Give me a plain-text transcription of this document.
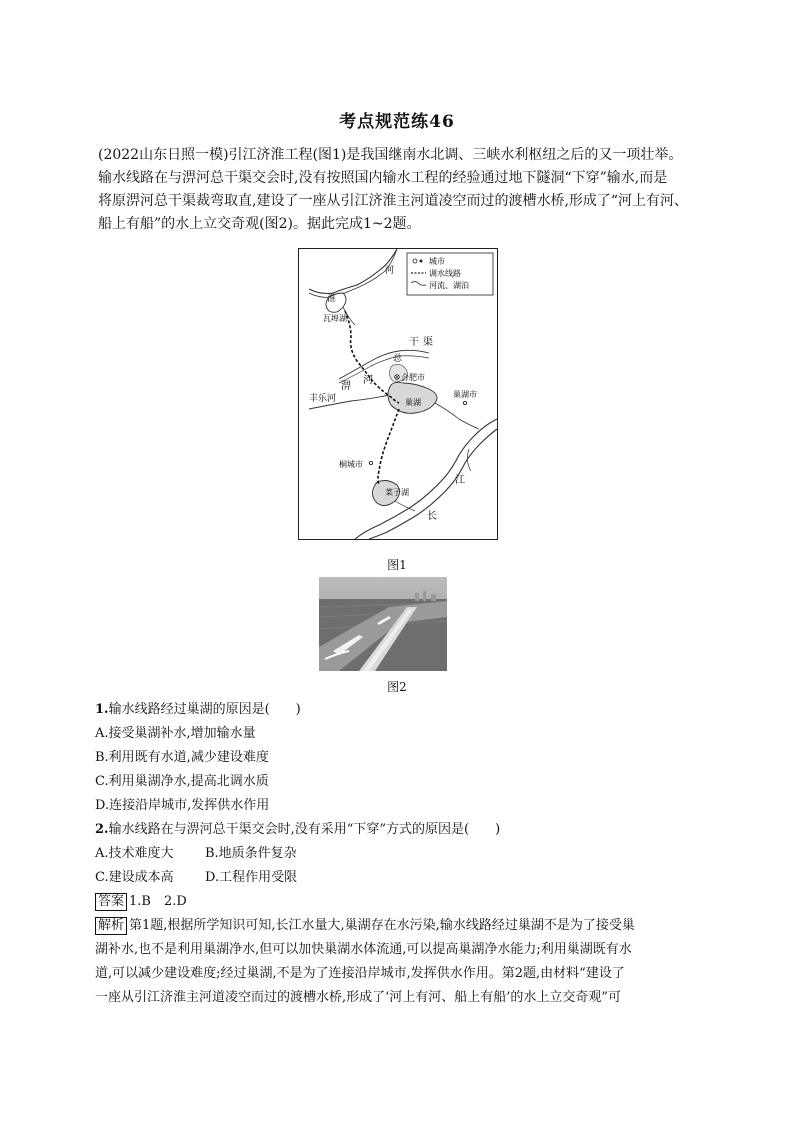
考点规范练46

(2022山东日照一模)引江济淮工程(图1)是我国继南水北调、三峡水利枢纽之后的又一项壮举。

输水线路在与淠河总干渠交会时,没有按照国内输水工程的经验通过地下隧洞“下穿”输水,而是

将原淠河总干渠裁弯取直,建设了一座从引江济淮主河道凌空而过的渡槽水桥,形成了“河上有河、

船上有船”的水上立交奇观(图2)。据此完成1~2题。

城市
调水线路
河流、湖泊
河
淮
瓦埠湖
干 渠
总
淠
河	合肥市
丰乐河	巢湖市
巢湖
桐城市
菜子湖
江
长
图1
图2
1.输水线路经过巢湖的原因是(　　)
A.接受巢湖补水,增加输水量
B.利用既有水道,减少建设难度
C.利用巢湖净水,提高北调水质
D.连接沿岸城市,发挥供水作用
2.输水线路在与淠河总干渠交会时,没有采用“下穿”方式的原因是(　　)
A.技术难度大	B.地质条件复杂
C.建设成本高	D.工程作用受限
答案 1.B　2.D
解析 第1题,根据所学知识可知,长江水量大,巢湖存在水污染,输水线路经过巢湖不是为了接受巢
湖补水,也不是利用巢湖净水,但可以加快巢湖水体流通,可以提高巢湖净水能力;利用巢湖既有水
道,可以减少建设难度;经过巢湖,不是为了连接沿岸城市,发挥供水作用。第2题,由材料“建设了
一座从引江济淮主河道凌空而过的渡槽水桥,形成了‘河上有河、船上有船’的水上立交奇观”可
